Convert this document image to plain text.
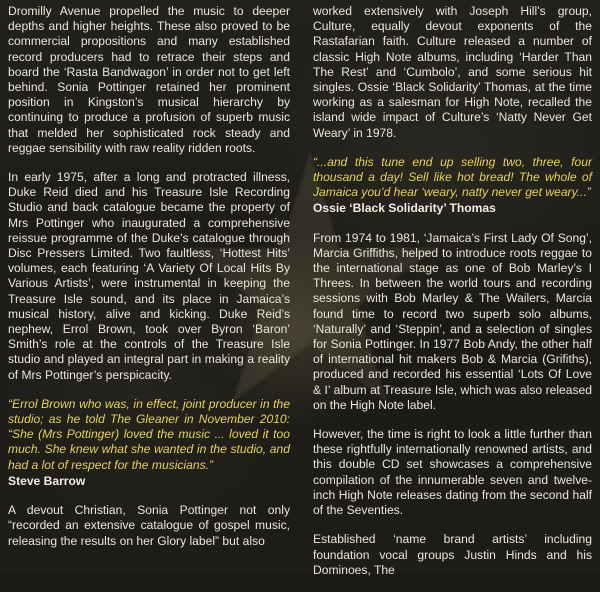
Dromilly Avenue propelled the music to deeper depths and higher heights. These also proved to be commercial propositions and many established record producers had to retrace their steps and board the ‘Rasta Bandwagon’ in order not to get left behind. Sonia Pottinger retained her prominent position in Kingston’s musical hierarchy by continuing to produce a profusion of superb music that melded her sophisticated rock steady and reggae sensibility with raw reality ridden roots.

In early 1975, after a long and protracted illness, Duke Reid died and his Treasure Isle Recording Studio and back catalogue became the property of Mrs Pottinger who inaugurated a comprehensive reissue programme of the Duke’s catalogue through Disc Pressers Limited. Two faultless, ‘Hottest Hits’ volumes, each featuring ‘A Variety Of Local Hits By Various Artists’, were instrumental in keeping the Treasure Isle sound, and its place in Jamaica’s musical history, alive and kicking. Duke Reid’s nephew, Errol Brown, took over Byron ‘Baron’ Smith’s role at the controls of the Treasure Isle studio and played an integral part in making a reality of Mrs Pottinger’s perspicacity.

“Errol Brown who was, in effect, joint producer in the studio; as he told The Gleaner in November 2010: “She (Mrs Pottinger) loved the music ... loved it too much. She knew what she wanted in the studio, and had a lot of respect for the musicians.”

Steve Barrow

A devout Christian, Sonia Pottinger not only “recorded an extensive catalogue of gospel music, releasing the results on her Glory label” but also

worked extensively with Joseph Hill’s group, Culture, equally devout exponents of the Rastafarian faith. Culture released a number of classic High Note albums, including ‘Harder Than The Rest’ and ‘Cumbolo’, and some serious hit singles. Ossie ‘Black Solidarity’ Thomas, at the time working as a salesman for High Note, recalled the island wide impact of Culture’s ‘Natty Never Get Weary’ in 1978.

“...and this tune end up selling two, three, four thousand a day! Sell like hot bread! The whole of Jamaica you’d hear ‘weary, natty never get weary...”

Ossie ‘Black Solidarity’ Thomas

From 1974 to 1981, ‘Jamaica’s First Lady Of Song’, Marcia Griffiths, helped to introduce roots reggae to the international stage as one of Bob Marley’s I Threes. In between the world tours and recording sessions with Bob Marley & The Wailers, Marcia found time to record two superb solo albums, ‘Naturally’ and ‘Steppin’, and a selection of singles for Sonia Pottinger. In 1977 Bob Andy, the other half of international hit makers Bob & Marcia (Grifiths), produced and recorded his essential ‘Lots Of Love & I’ album at Treasure Isle, which was also released on the High Note label.

However, the time is right to look a little further than these rightfully internationally renowned artists, and this double CD set showcases a comprehensive compilation of the innumerable seven and twelve-inch High Note releases dating from the second half of the Seventies.

Established ‘name brand artists’ including foundation vocal groups Justin Hinds and his Dominoes, The
